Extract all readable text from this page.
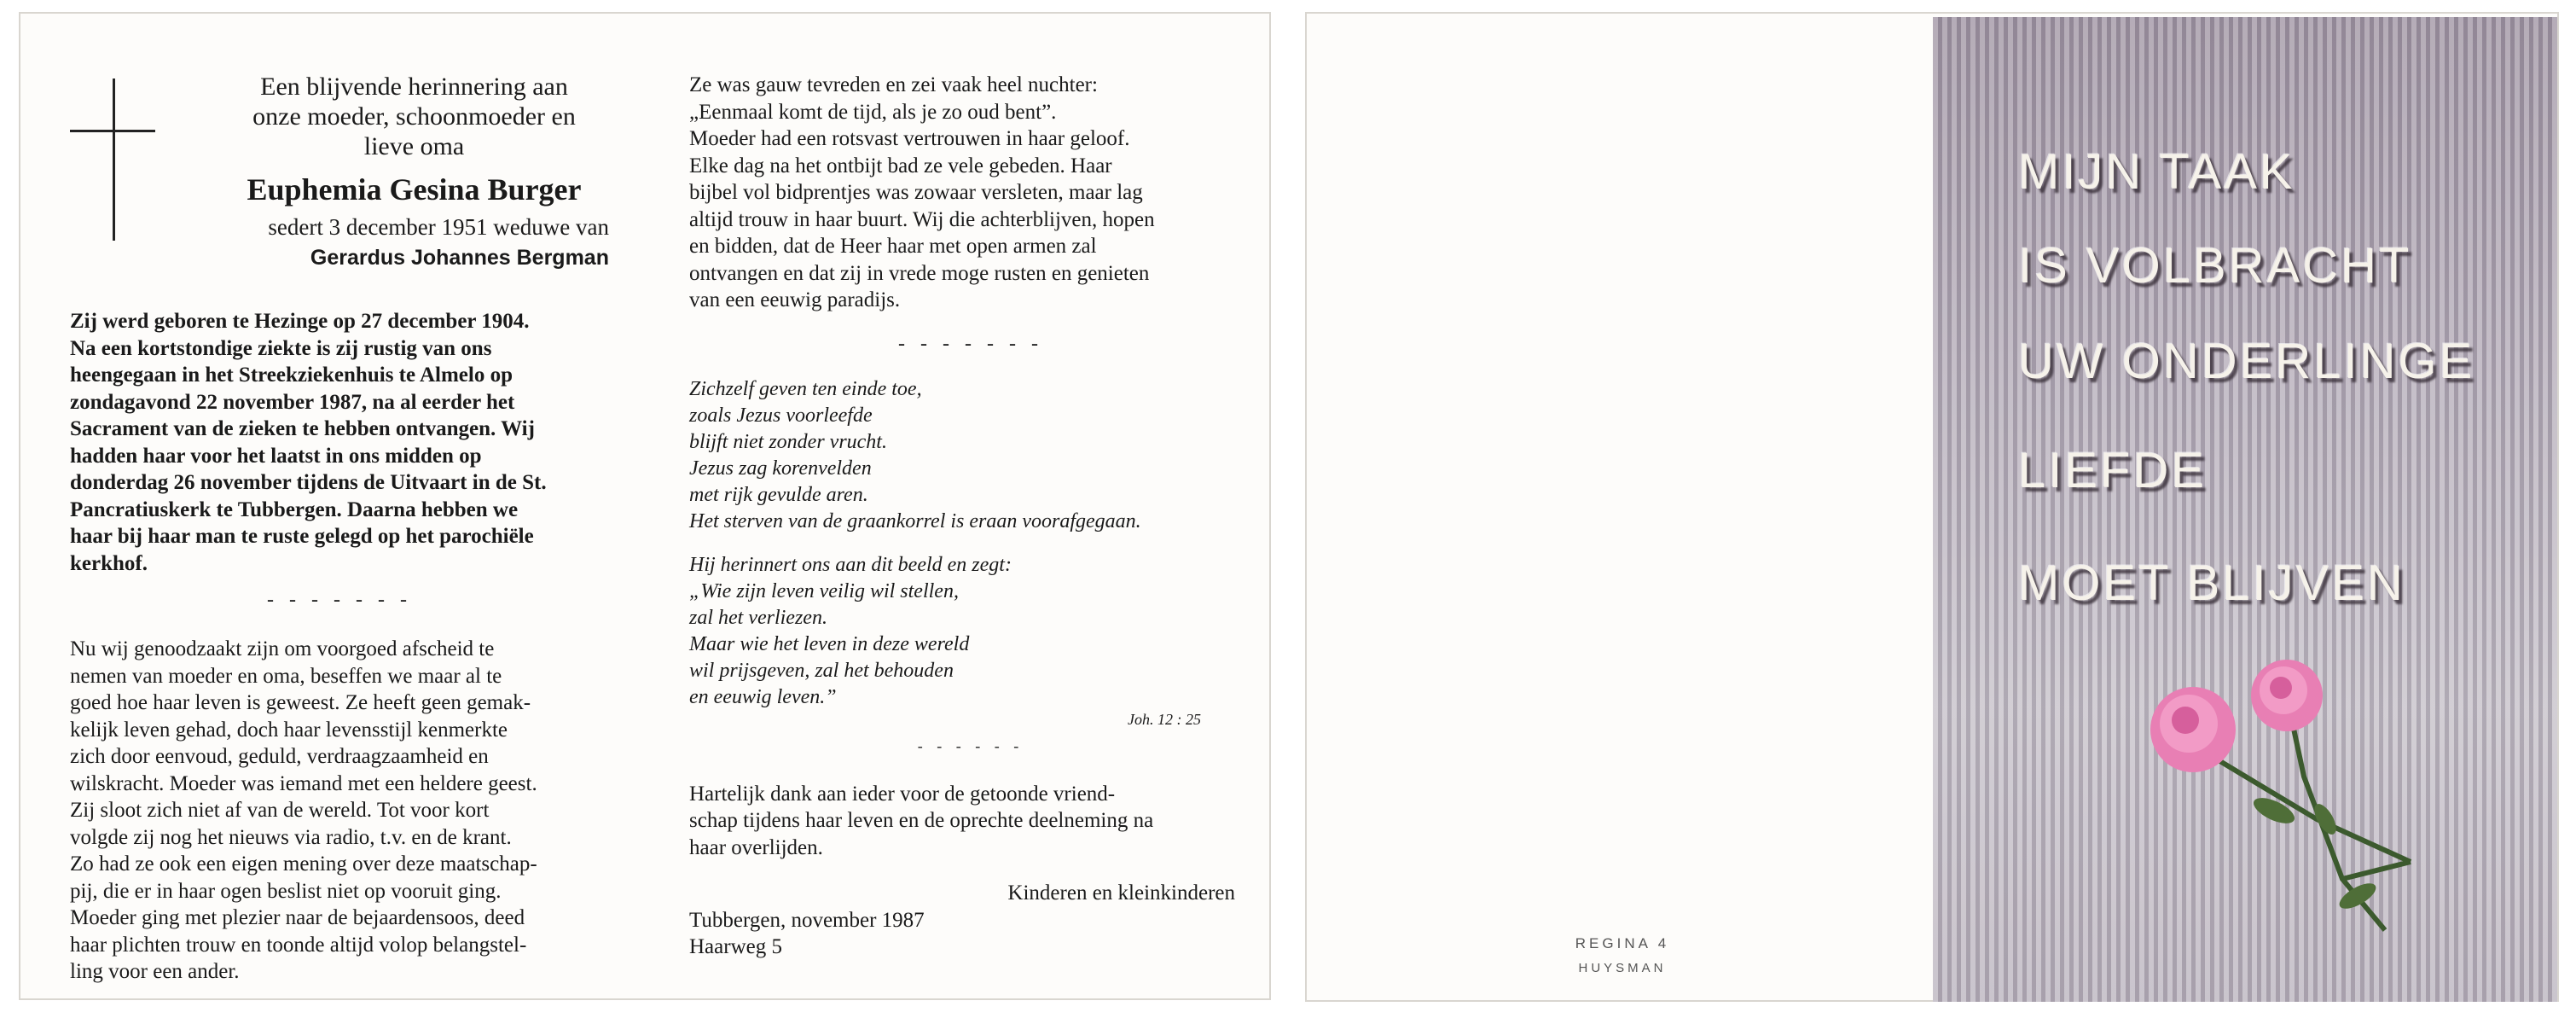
Een blijvende herinnering aan
onze moeder, schoonmoeder en
lieve oma
Euphemia Gesina Burger
sedert 3 december 1951 weduwe van
Gerardus Johannes Bergman
Zij werd geboren te Hezinge op 27 december 1904.
Na een kortstondige ziekte is zij rustig van ons
heengegaan in het Streekziekenhuis te Almelo op
zondagavond 22 november 1987, na al eerder het
Sacrament van de zieken te hebben ontvangen. Wij
hadden haar voor het laatst in ons midden op
donderdag 26 november tijdens de Uitvaart in de St.
Pancratiuskerk te Tubbergen. Daarna hebben we
haar bij haar man te ruste gelegd op het parochiële
kerkhof.
- - - - - - -
Nu wij genoodzaakt zijn om voorgoed afscheid te
nemen van moeder en oma, beseffen we maar al te
goed hoe haar leven is geweest. Ze heeft geen gemak-
kelijk leven gehad, doch haar levensstijl kenmerkte
zich door eenvoud, geduld, verdraagzaamheid en
wilskracht. Moeder was iemand met een heldere geest.
Zij sloot zich niet af van de wereld. Tot voor kort
volgde zij nog het nieuws via radio, t.v. en de krant.
Zo had ze ook een eigen mening over deze maatschap-
pij, die er in haar ogen beslist niet op vooruit ging.
Moeder ging met plezier naar de bejaardensoos, deed
haar plichten trouw en toonde altijd volop belangstel-
ling voor een ander.
Ze was gauw tevreden en zei vaak heel nuchter:
„Eenmaal komt de tijd, als je zo oud bent”.
Moeder had een rotsvast vertrouwen in haar geloof.
Elke dag na het ontbijt bad ze vele gebeden. Haar
bijbel vol bidprentjes was zowaar versleten, maar lag
altijd trouw in haar buurt. Wij die achterblijven, hopen
en bidden, dat de Heer haar met open armen zal
ontvangen en dat zij in vrede moge rusten en genieten
van een eeuwig paradijs.
- - - - - - -
Zichzelf geven ten einde toe,
zoals Jezus voorleefde
blijft niet zonder vrucht.
Jezus zag korenvelden
met rijk gevulde aren.
Het sterven van de graankorrel is eraan voorafgegaan.
Hij herinnert ons aan dit beeld en zegt:
„Wie zijn leven veilig wil stellen,
zal het verliezen.
Maar wie het leven in deze wereld
wil prijsgeven, zal het behouden
en eeuwig leven.”
Joh. 12 : 25
- - - - - -
Hartelijk dank aan ieder voor de getoonde vriend-
schap tijdens haar leven en de oprechte deelneming na
haar overlijden.
Kinderen en kleinkinderen
Tubbergen, november 1987
Haarweg 5	REGINA 4
HUYSMAN
MIJN TAAK
IS VOLBRACHT
UW ONDERLINGE
LIEFDE
MOET BLIJVEN
